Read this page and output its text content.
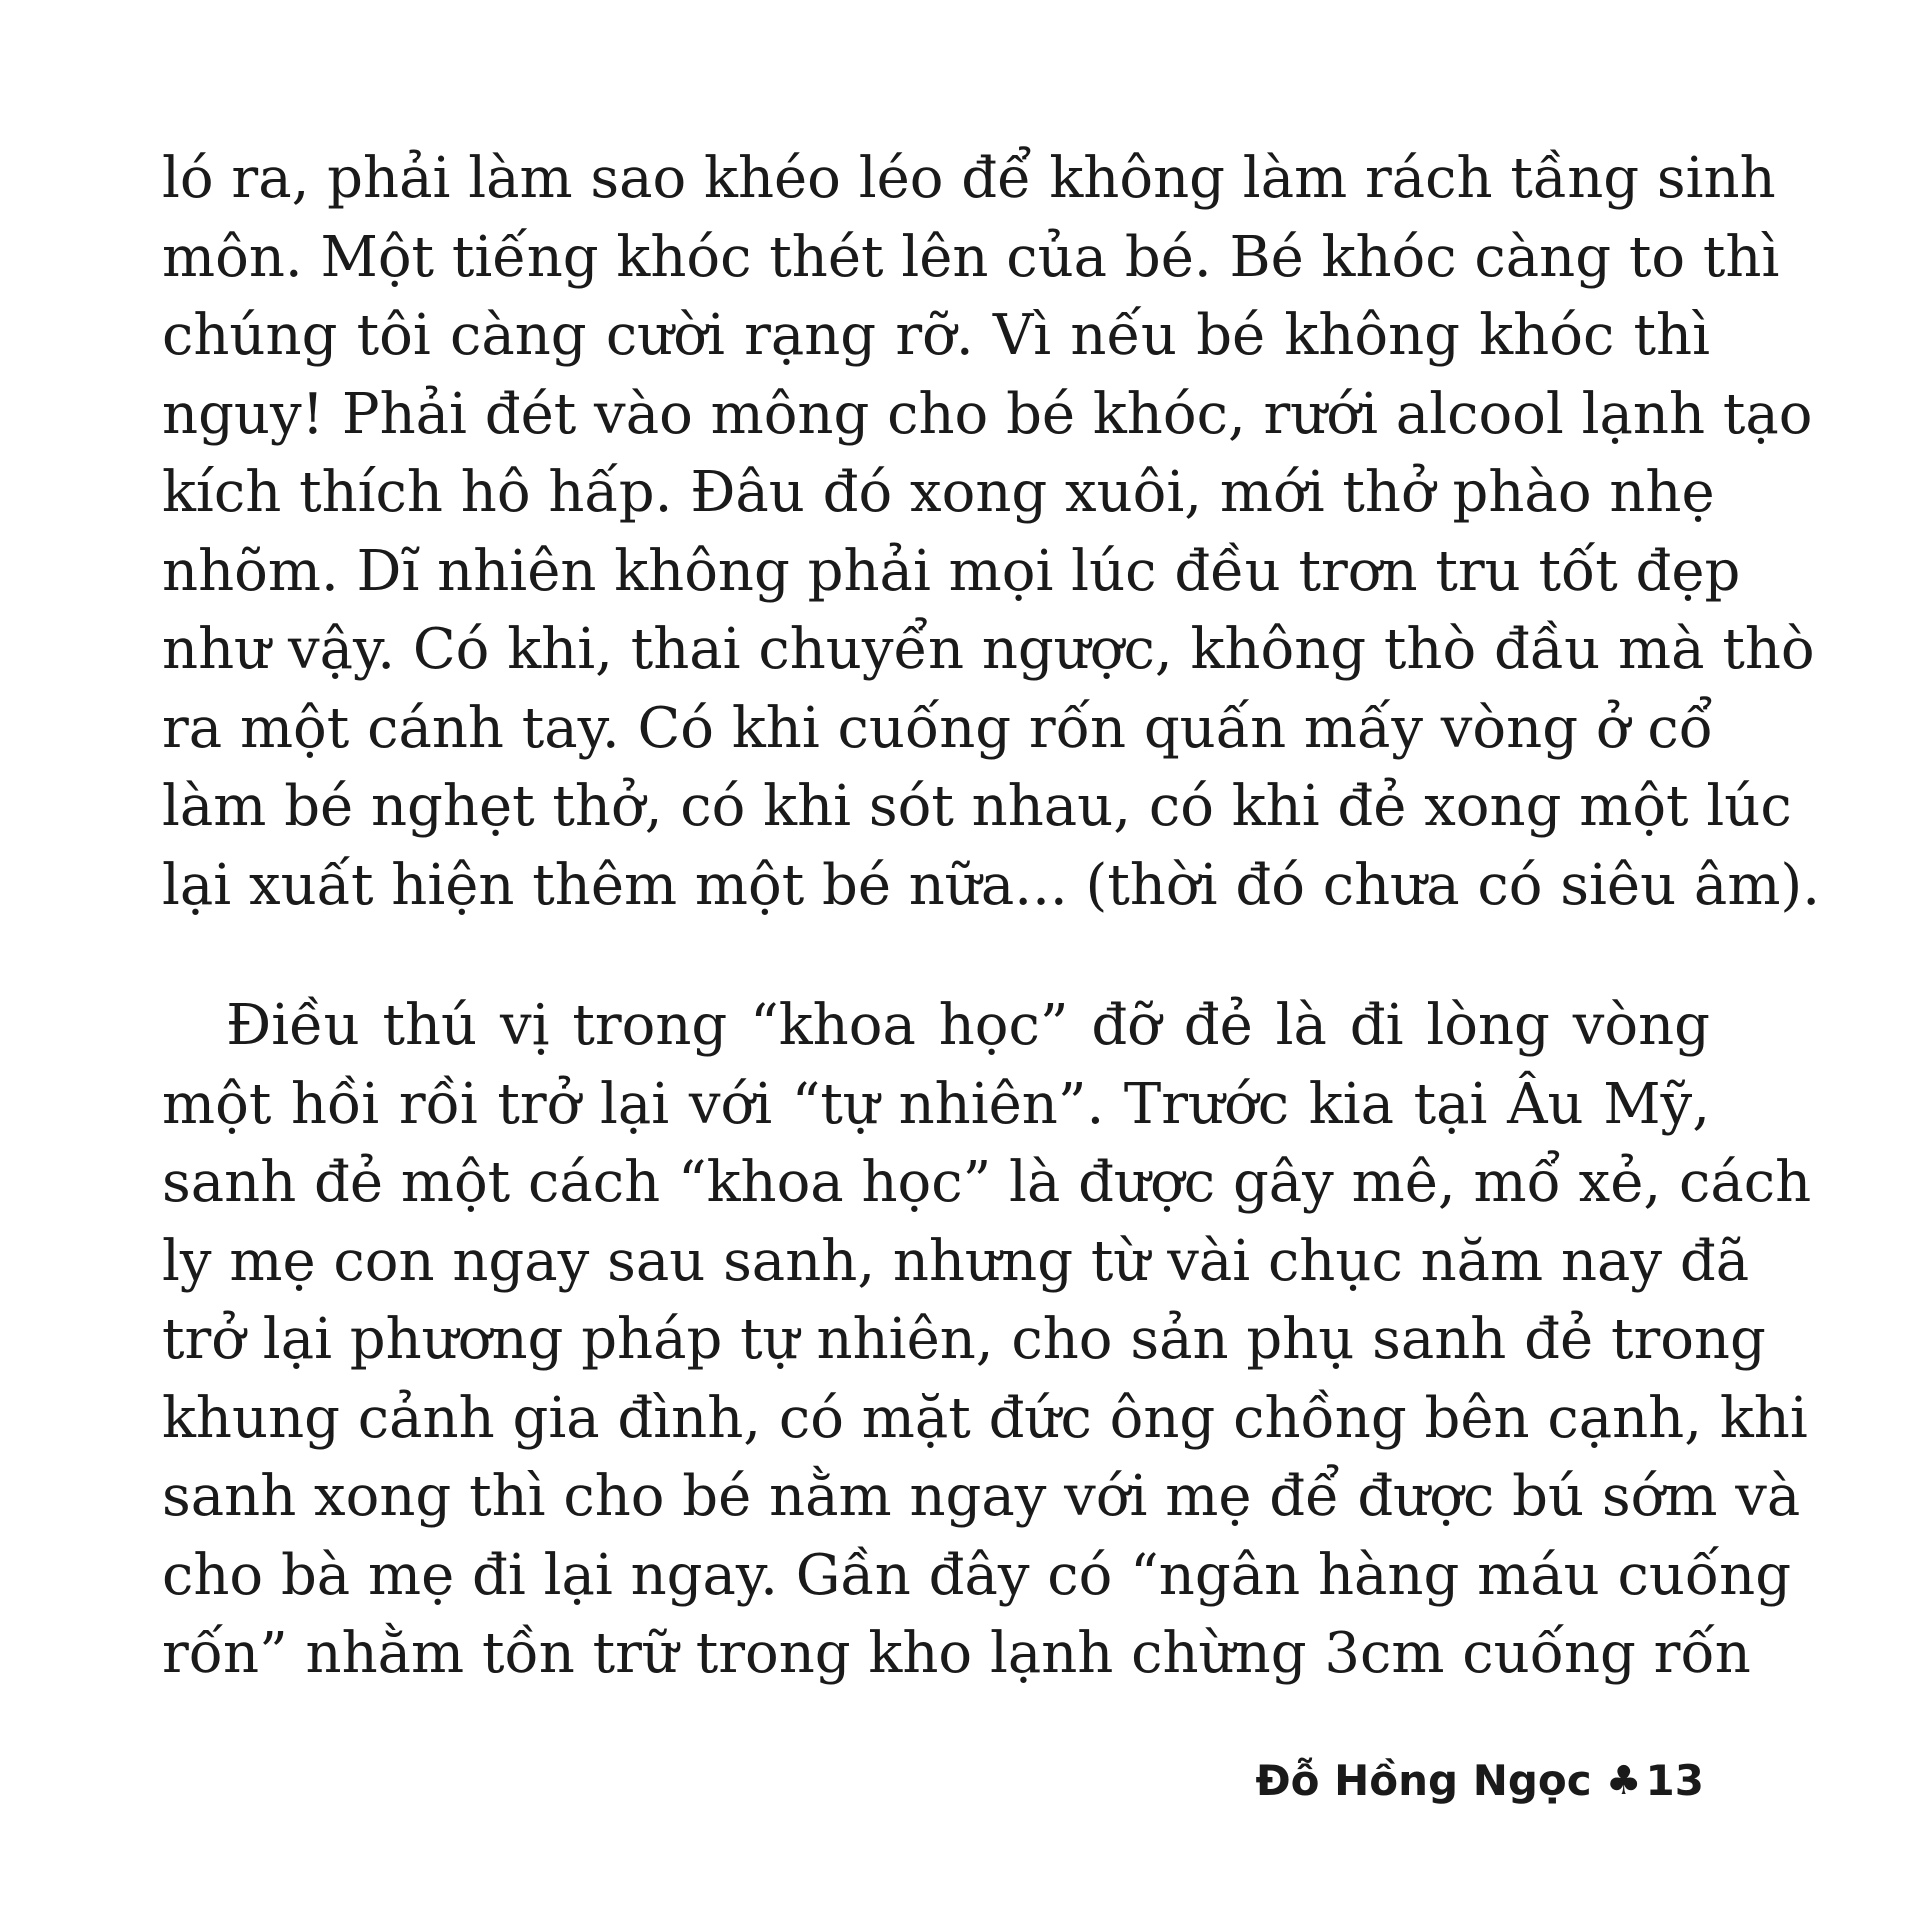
ló ra, phải làm sao khéo léo để không làm rách tầng sinh
môn. Một tiếng khóc thét lên của bé. Bé khóc càng to thì
chúng tôi càng cười rạng rỡ. Vì nếu bé không khóc thì
nguy! Phải đét vào mông cho bé khóc, rưới alcool lạnh tạo
kích thích hô hấp. Đâu đó xong xuôi, mới thở phào nhẹ
nhõm. Dĩ nhiên không phải mọi lúc đều trơn tru tốt đẹp
như vậy. Có khi, thai chuyển ngược, không thò đầu mà thò
ra một cánh tay. Có khi cuống rốn quấn mấy vòng ở cổ
làm bé nghẹt thở, có khi sót nhau, có khi đẻ xong một lúc
lại xuất hiện thêm một bé nữa... (thời đó chưa có siêu âm).
Điều thú vị trong “khoa học” đỡ đẻ là đi lòng vòng
một hồi rồi trở lại với “tự nhiên”. Trước kia tại Âu Mỹ,
sanh đẻ một cách “khoa học” là được gây mê, mổ xẻ, cách
ly mẹ con ngay sau sanh, nhưng từ vài chục năm nay đã
trở lại phương pháp tự nhiên, cho sản phụ sanh đẻ trong
khung cảnh gia đình, có mặt đức ông chồng bên cạnh, khi
sanh xong thì cho bé nằm ngay với mẹ để được bú sớm và
cho bà mẹ đi lại ngay. Gần đây có “ngân hàng máu cuống
rốn” nhằm tồn trữ trong kho lạnh chừng 3cm cuống rốn
Đỗ Hồng Ngọc ♣ 13
